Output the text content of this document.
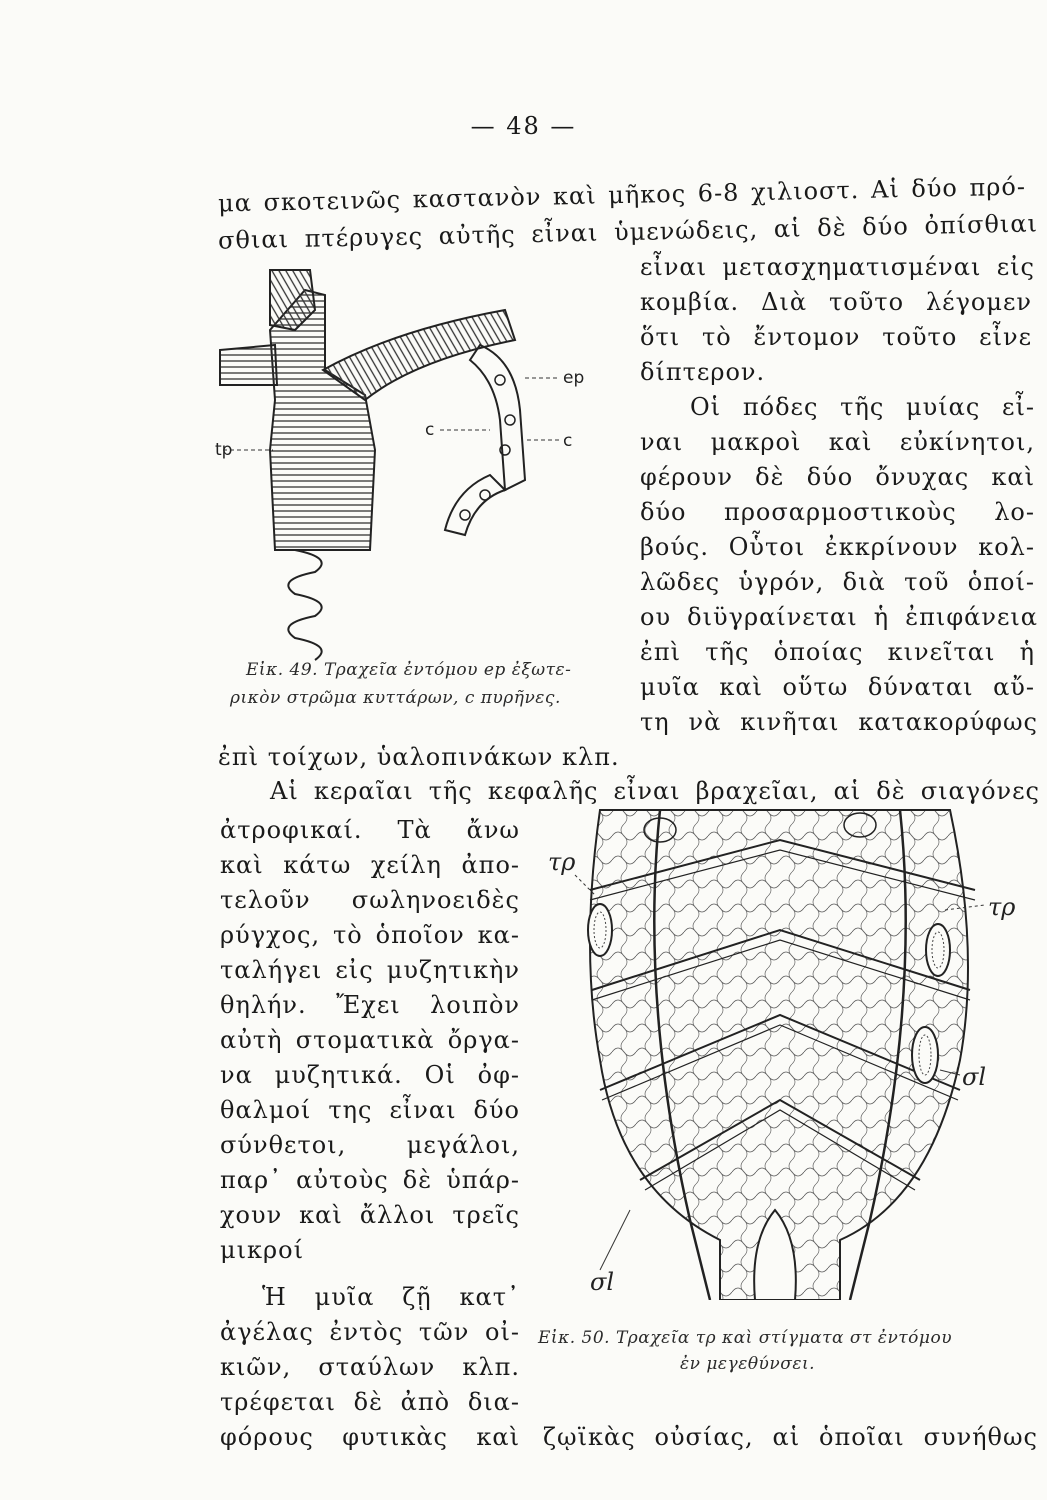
— 48 —
μα σκοτεινῶς καστανὸν καὶ μῆκος 6-8 χιλιοστ. Αἱ δύο πρό-
σθιαι πτέρυγες αὐτῆς εἶναι ὑμενώδεις, αἱ δὲ δύο ὀπίσθιαι
ep
c
c
tp
Εἰκ. 49. Τραχεῖα ἐντόμου ep ἐξωτε-
ρικὸν στρῶμα κυττάρων, c πυρῆνες.
εἶναι μετασχηματισμέναι εἰς
κομβία. Διὰ τοῦτο λέγομεν
ὅτι τὸ ἔντομον τοῦτο εἶνε
δίπτερον.
Οἱ πόδες τῆς μυίας εἶ-
ναι μακροὶ καὶ εὐκίνητοι,
φέρουν δὲ δύο ὄνυχας καὶ
δύο προσαρμοστικοὺς λο-
βούς. Οὗτοι ἐκκρίνουν κολ-
λῶδες ὑγρόν, διὰ τοῦ ὁποί-
ου διϋγραίνεται ἡ ἐπιφάνεια
ἐπὶ τῆς ὁποίας κινεῖται ἡ
μυῖα καὶ οὕτω δύναται αὔ-
τη νὰ κινῆται κατακορύφως
ἐπὶ τοίχων, ὑαλοπινάκων κλπ.
Αἱ κεραῖαι τῆς κεφαλῆς εἶναι βραχεῖαι, αἱ δὲ σιαγόνες
ἀτροφικαί. Τὰ ἄνω
καὶ κάτω χείλη ἀπο-
τελοῦν σωληνοειδὲς
ρύγχος, τὸ ὁποῖον κα-
ταλήγει εἰς μυζητικὴν
θηλήν. Ἔχει λοιπὸν
αὐτὴ στοματικὰ ὄργα-
να μυζητικά. Οἱ ὀφ-
θαλμοί της εἶναι δύο
σύνθετοι, μεγάλοι,
παρ᾽ αὐτοὺς δὲ ὑπάρ-
χουν καὶ ἄλλοι τρεῖς
μικροί
Ἡ μυῖα ζῇ κατ᾽
ἀγέλας ἐντὸς τῶν οἰ-
κιῶν, σταύλων κλπ.
τρέφεται δὲ ἀπὸ δια-
φόρους φυτικὰς καὶ
τρ
τρ
σl
σl
Εἰκ. 50. Τραχεῖα τρ καὶ στίγματα στ ἐντόμου
ἐν μεγεθύνσει.
ζῳϊκὰς οὐσίας, αἱ ὁποῖαι συνήθως
